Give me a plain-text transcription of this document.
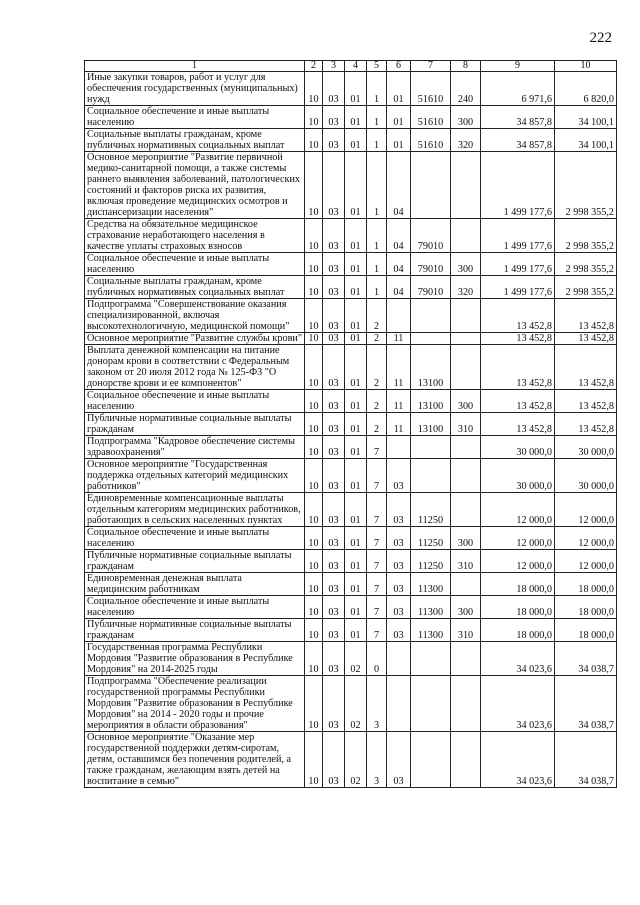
222
1	2	3	4	5	6	7	8	9	10
Иные закупки товаров, работ и услуг для обеспечения государственных (муниципальных) нужд	10	03	01	1	01	51610	240	6 971,6	6 820,0
Социальное обеспечение и иные выплаты населению	10	03	01	1	01	51610	300	34 857,8	34 100,1
Социальные выплаты гражданам, кроме публичных нормативных социальных выплат	10	03	01	1	01	51610	320	34 857,8	34 100,1
Основное мероприятие "Развитие первичной медико-санитарной помощи, а также системы раннего выявления заболеваний, патологических состояний и факторов риска их развития, включая проведение медицинских осмотров и диспансеризации населения"	10	03	01	1	04			1 499 177,6	2 998 355,2
Средства на обязательное медицинское страхование неработающего населения в качестве уплаты страховых взносов	10	03	01	1	04	79010		1 499 177,6	2 998 355,2
Социальное обеспечение и иные выплаты населению	10	03	01	1	04	79010	300	1 499 177,6	2 998 355,2
Социальные выплаты гражданам, кроме публичных нормативных социальных выплат	10	03	01	1	04	79010	320	1 499 177,6	2 998 355,2
Подпрограмма "Совершенствование оказания специализированной, включая высокотехнологичную, медицинской помощи"	10	03	01	2				13 452,8	13 452,8
Основное мероприятие "Развитие службы крови"	10	03	01	2	11			13 452,8	13 452,8
Выплата денежной компенсации на питание донорам крови в соответствии с Федеральным законом от 20 июля 2012 года № 125-ФЗ "О донорстве крови и ее компонентов"	10	03	01	2	11	13100		13 452,8	13 452,8
Социальное обеспечение и иные выплаты населению	10	03	01	2	11	13100	300	13 452,8	13 452,8
Публичные нормативные социальные выплаты гражданам	10	03	01	2	11	13100	310	13 452,8	13 452,8
Подпрограмма "Кадровое обеспечение системы здравоохранения"	10	03	01	7				30 000,0	30 000,0
Основное мероприятие "Государственная поддержка отдельных категорий медицинских работников"	10	03	01	7	03			30 000,0	30 000,0
Единовременные компенсационные выплаты отдельным категориям медицинских работников, работающих в сельских населенных пунктах	10	03	01	7	03	11250		12 000,0	12 000,0
Социальное обеспечение и иные выплаты населению	10	03	01	7	03	11250	300	12 000,0	12 000,0
Публичные нормативные социальные выплаты гражданам	10	03	01	7	03	11250	310	12 000,0	12 000,0
Единовременная денежная выплата медицинским работникам	10	03	01	7	03	11300		18 000,0	18 000,0
Социальное обеспечение и иные выплаты населению	10	03	01	7	03	11300	300	18 000,0	18 000,0
Публичные нормативные социальные выплаты гражданам	10	03	01	7	03	11300	310	18 000,0	18 000,0
Государственная программа Республики Мордовия "Развитие образования в Республике Мордовия" на 2014-2025 годы	10	03	02	0				34 023,6	34 038,7
Подпрограмма "Обеспечение реализации государственной программы Республики Мордовия "Развитие образования в Республике Мордовия" на 2014 - 2020 годы и прочие мероприятия в области образования"	10	03	02	3				34 023,6	34 038,7
Основное мероприятие "Оказание мер государственной поддержки детям-сиротам, детям, оставшимся без попечения родителей, а также гражданам, желающим взять детей на воспитание в семью"	10	03	02	3	03			34 023,6	34 038,7
